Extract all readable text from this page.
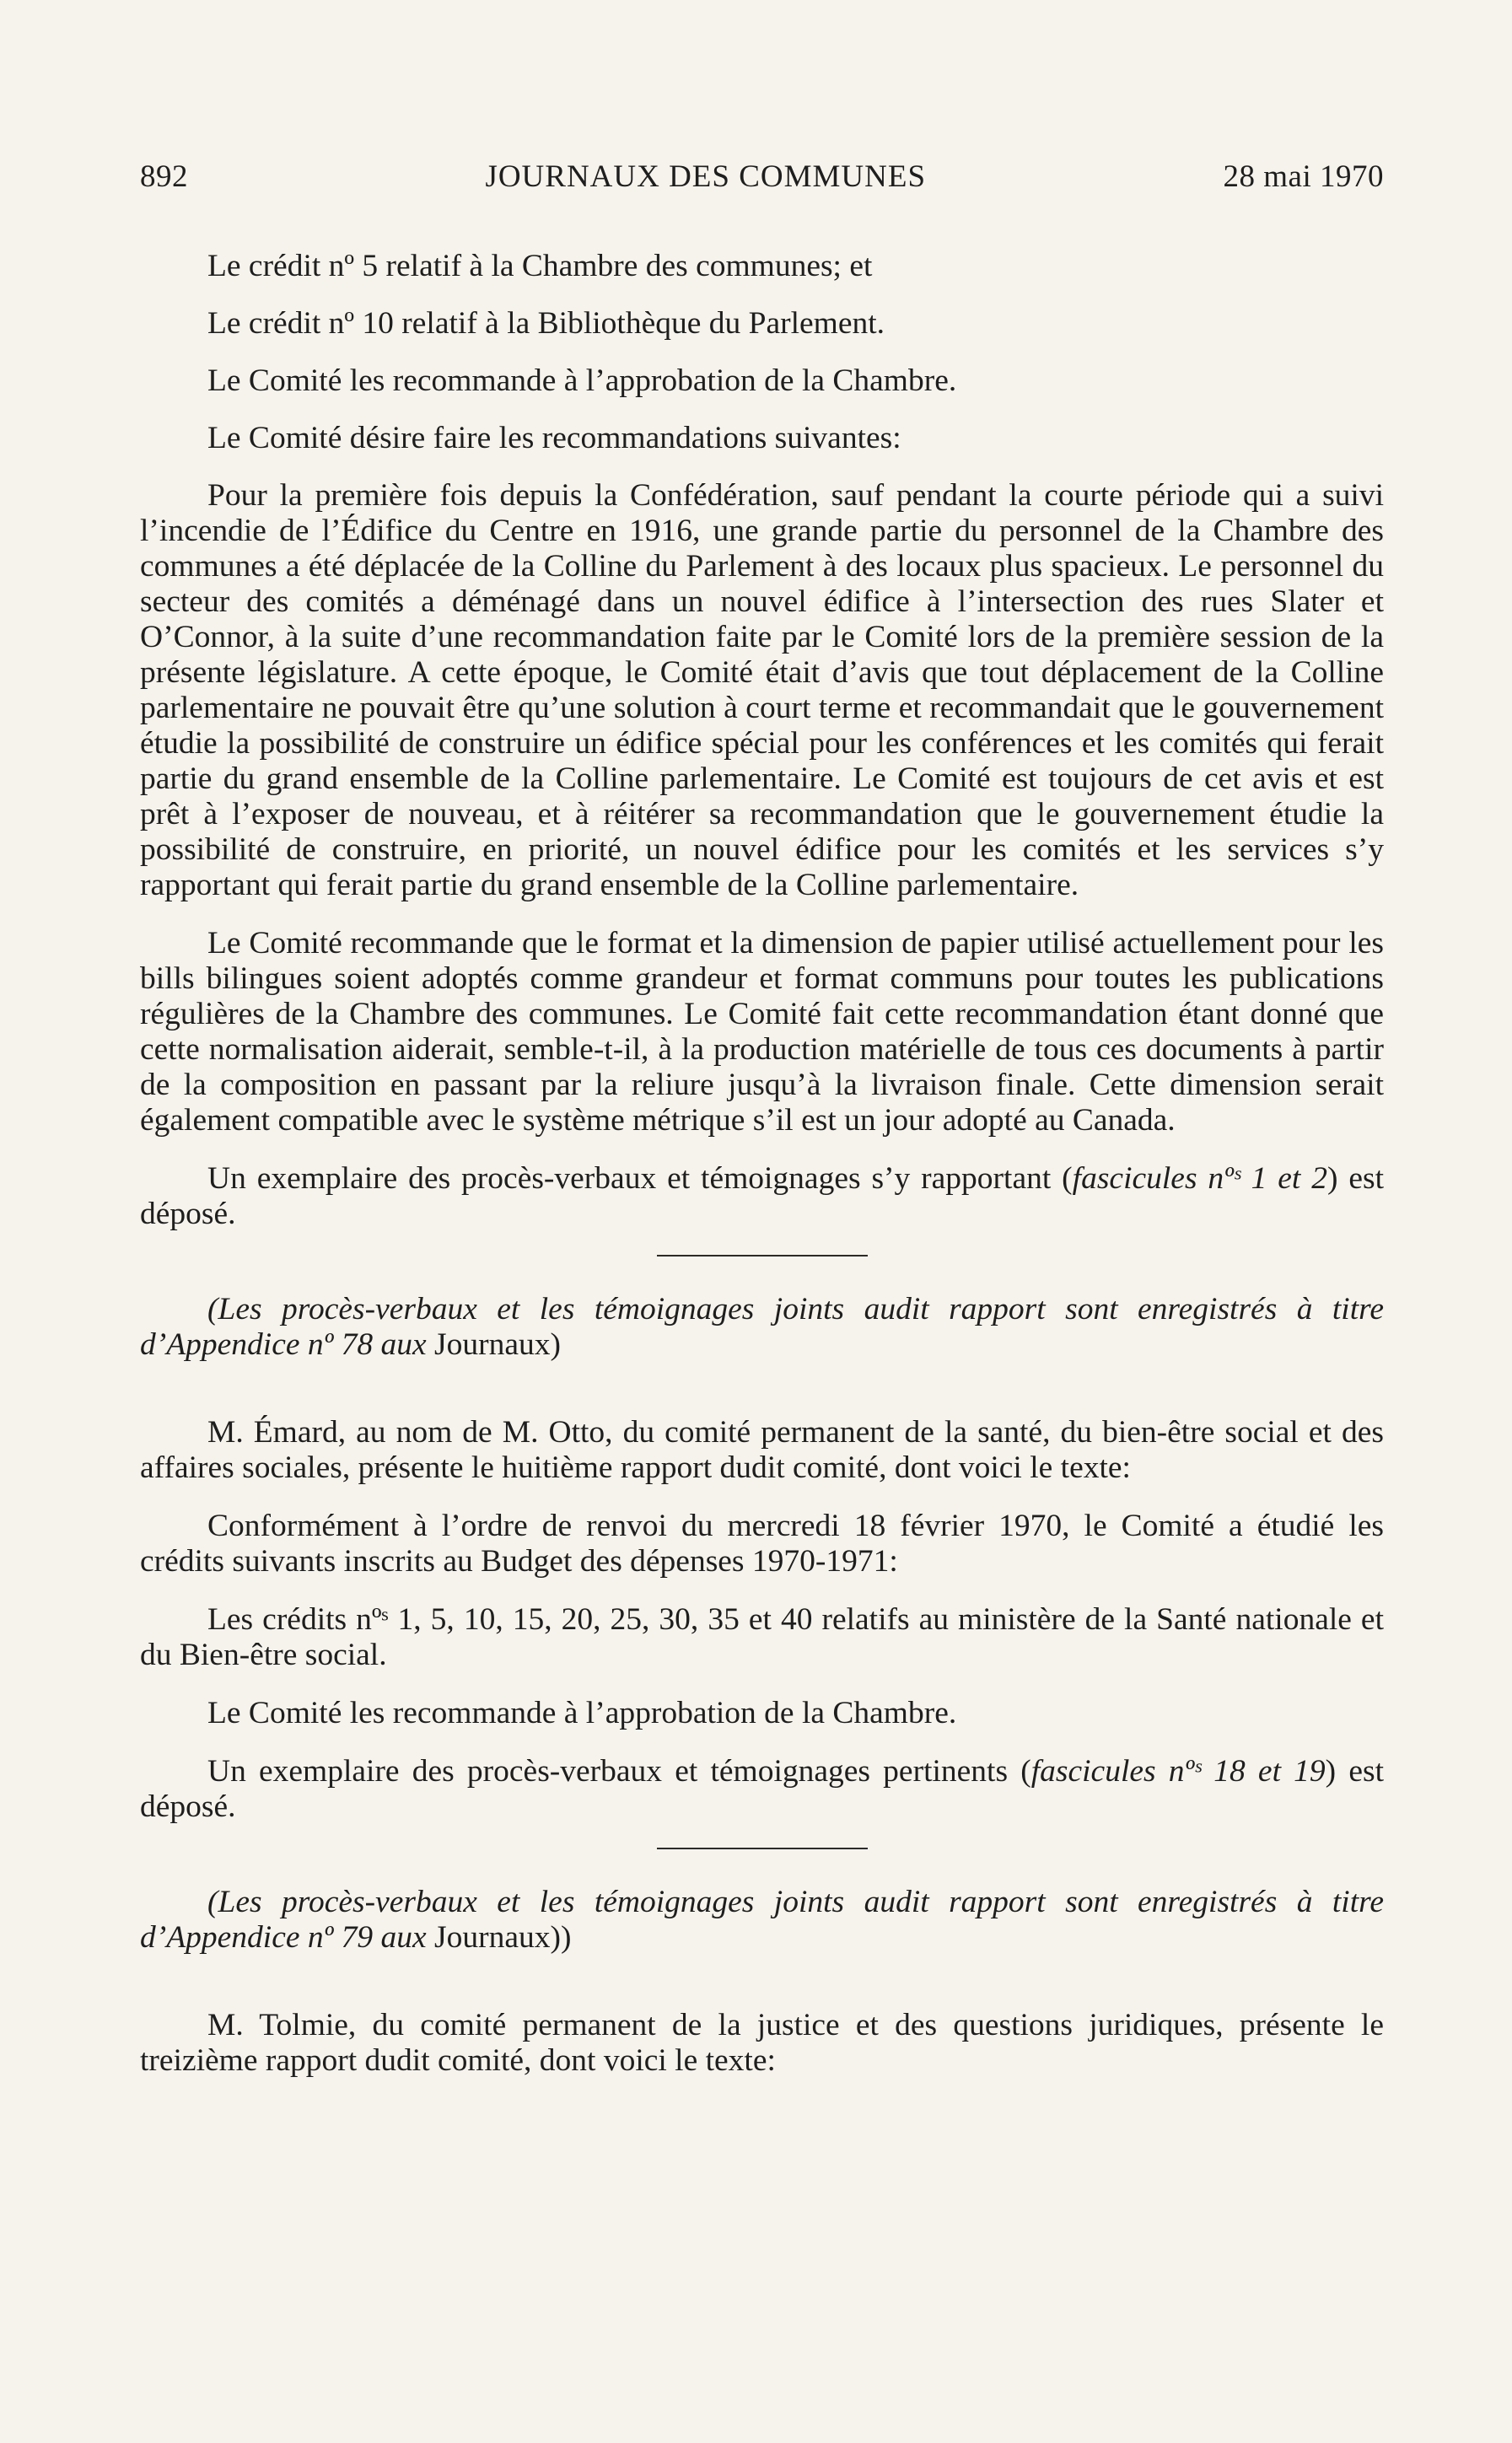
892	JOURNAUX DES COMMUNES	28 mai 1970

Le crédit nº 5 relatif à la Chambre des communes; et

Le crédit nº 10 relatif à la Bibliothèque du Parlement.

Le Comité les recommande à l’approbation de la Chambre.

Le Comité désire faire les recommandations suivantes:

Pour la première fois depuis la Confédération, sauf pendant la courte période qui a suivi l’incendie de l’Édifice du Centre en 1916, une grande partie du personnel de la Chambre des communes a été déplacée de la Colline du Parlement à des locaux plus spacieux. Le personnel du secteur des comités a déménagé dans un nouvel édifice à l’intersection des rues Slater et O’Connor, à la suite d’une recommandation faite par le Comité lors de la première session de la présente législature. A cette époque, le Comité était d’avis que tout déplacement de la Colline parlementaire ne pouvait être qu’une solution à court terme et recommandait que le gouvernement étudie la possibilité de construire un édifice spécial pour les conférences et les comités qui ferait partie du grand ensemble de la Colline parlementaire. Le Comité est toujours de cet avis et est prêt à l’exposer de nouveau, et à réitérer sa recommandation que le gouvernement étudie la possibilité de construire, en priorité, un nouvel édifice pour les comités et les services s’y rapportant qui ferait partie du grand ensemble de la Colline parlementaire.

Le Comité recommande que le format et la dimension de papier utilisé actuellement pour les bills bilingues soient adoptés comme grandeur et format communs pour toutes les publications régulières de la Chambre des communes. Le Comité fait cette recommandation étant donné que cette normalisation aiderait, semble-t-il, à la production matérielle de tous ces documents à partir de la composition en passant par la reliure jusqu’à la livraison finale. Cette dimension serait également compatible avec le système métrique s’il est un jour adopté au Canada.

Un exemplaire des procès-verbaux et témoignages s’y rapportant (fascicules nºˢ 1 et 2) est déposé.

(Les procès-verbaux et les témoignages joints audit rapport sont enregistrés à titre d’Appendice nº 78 aux Journaux)

M. Émard, au nom de M. Otto, du comité permanent de la santé, du bien-être social et des affaires sociales, présente le huitième rapport dudit comité, dont voici le texte:

Conformément à l’ordre de renvoi du mercredi 18 février 1970, le Comité a étudié les crédits suivants inscrits au Budget des dépenses 1970-1971:

Les crédits nºˢ 1, 5, 10, 15, 20, 25, 30, 35 et 40 relatifs au ministère de la Santé nationale et du Bien-être social.

Le Comité les recommande à l’approbation de la Chambre.

Un exemplaire des procès-verbaux et témoignages pertinents (fascicules nºˢ 18 et 19) est déposé.

(Les procès-verbaux et les témoignages joints audit rapport sont enregistrés à titre d’Appendice nº 79 aux Journaux))

M. Tolmie, du comité permanent de la justice et des questions juridiques, présente le treizième rapport dudit comité, dont voici le texte:
